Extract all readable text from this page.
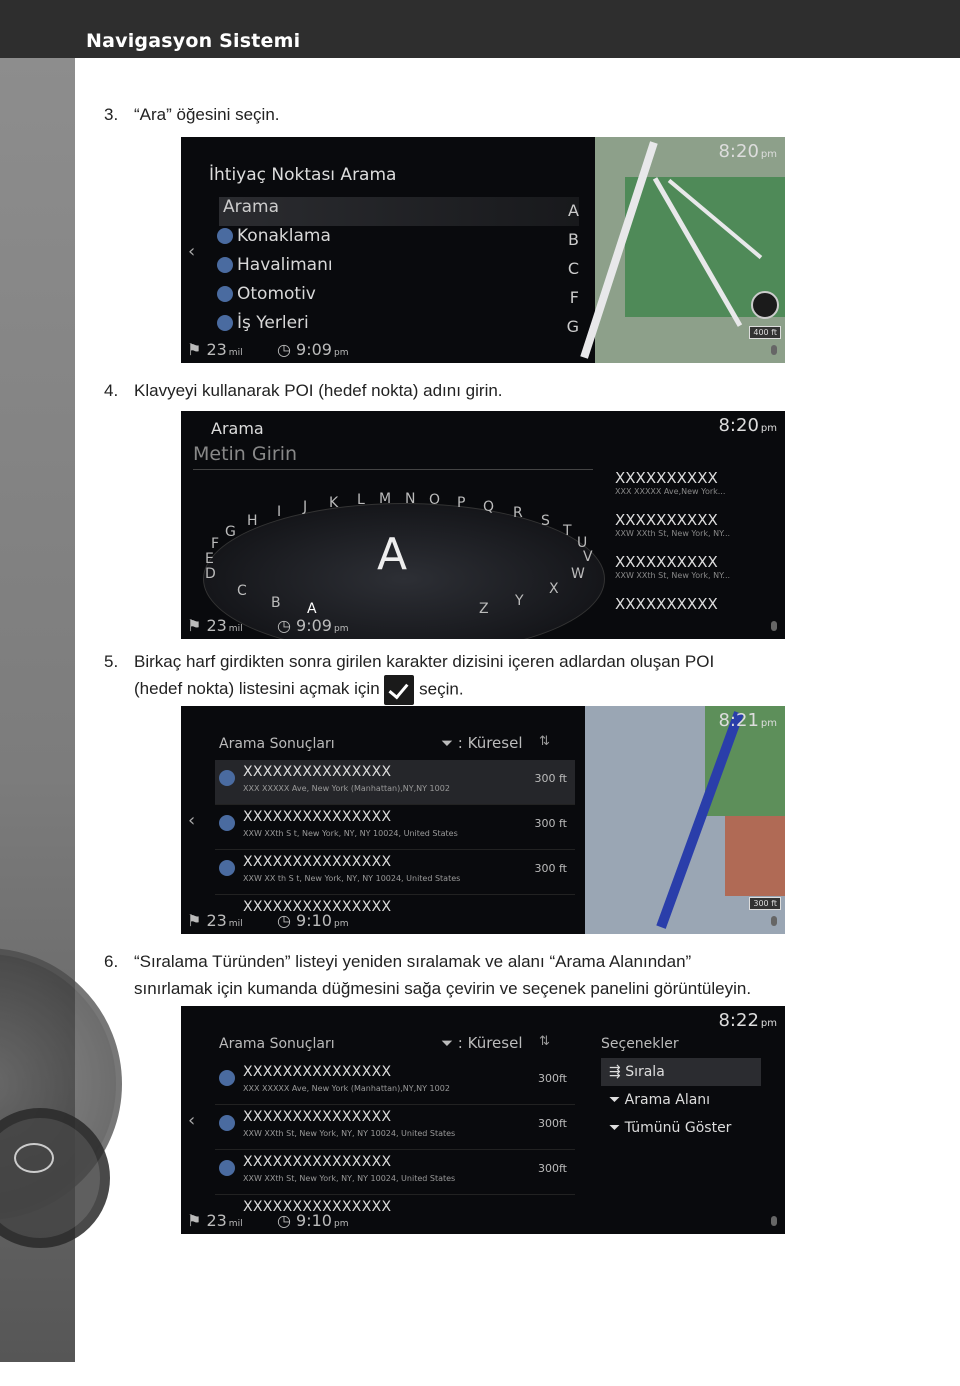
Navigasyon Sistemi
5-34
3. “Ara” öğesini seçin.
400 ft
8:20 pm
‹
İhtiyaç Noktası Arama
Arama	A
Konaklama	B
Havalimanı	C
Otomotiv	F
İş Yerleri	G
⚑ 23 mil ◷ 9:09 pm
4. Klavyeyi kullanarak POI (hedef nokta) adını girin.
8:20 pm
Arama
Metin Girin
A
D
E
F
G
H
I J K L M N O P Q R S
T
U
V
W
X
Y
Z
B
C
A
XXXXXXXXXX
XXX XXXXX Ave,New York...
XXXXXXXXXX
XXW XXth St, New York, NY...
XXXXXXXXXX
XXW XXth St, New York, NY...
XXXXXXXXXX
⚑ 23 mil ◷ 9:09 pm
5. Birkaç harf girdikten sonra girilen karakter dizisini içeren adlardan oluşan POI
(hedef nokta) listesini açmak için seçin.
300 ft
8:21 pm
‹
Arama Sonuçları	⏷ : Küresel ⇅
XXXXXXXXXXXXXXX
XXX XXXXX Ave, New York (Manhattan),NY,NY 1002
300 ft
XXXXXXXXXXXXXXX
XXW XXth S t, New York, NY, NY 10024, United States
300 ft
XXXXXXXXXXXXXXX
XXW XX th S t, New York, NY, NY 10024, United States
300 ft
XXXXXXXXXXXXXXX
⚑ 23 mil ◷ 9:10 pm
6. “Sıralama Türünden” listeyi yeniden sıralamak ve alanı “Arama Alanından”
sınırlamak için kumanda düğmesini sağa çevirin ve seçenek panelini görüntüleyin.
8:22 pm
‹
Arama Sonuçları	⏷ : Küresel ⇅
XXXXXXXXXXXXXXX
XXX XXXXX Ave, New York (Manhattan),NY,NY 1002
300ft
XXXXXXXXXXXXXXX
XXW XXth St, New York, NY, NY 10024, United States
300ft
XXXXXXXXXXXXXXX
XXW XXth St, New York, NY, NY 10024, United States
300ft
XXXXXXXXXXXXXXX
Seçenekler
⇶ Sırala
⏷ Arama Alanı
⏷ Tümünü Göster
⚑ 23 mil ◷ 9:10 pm
